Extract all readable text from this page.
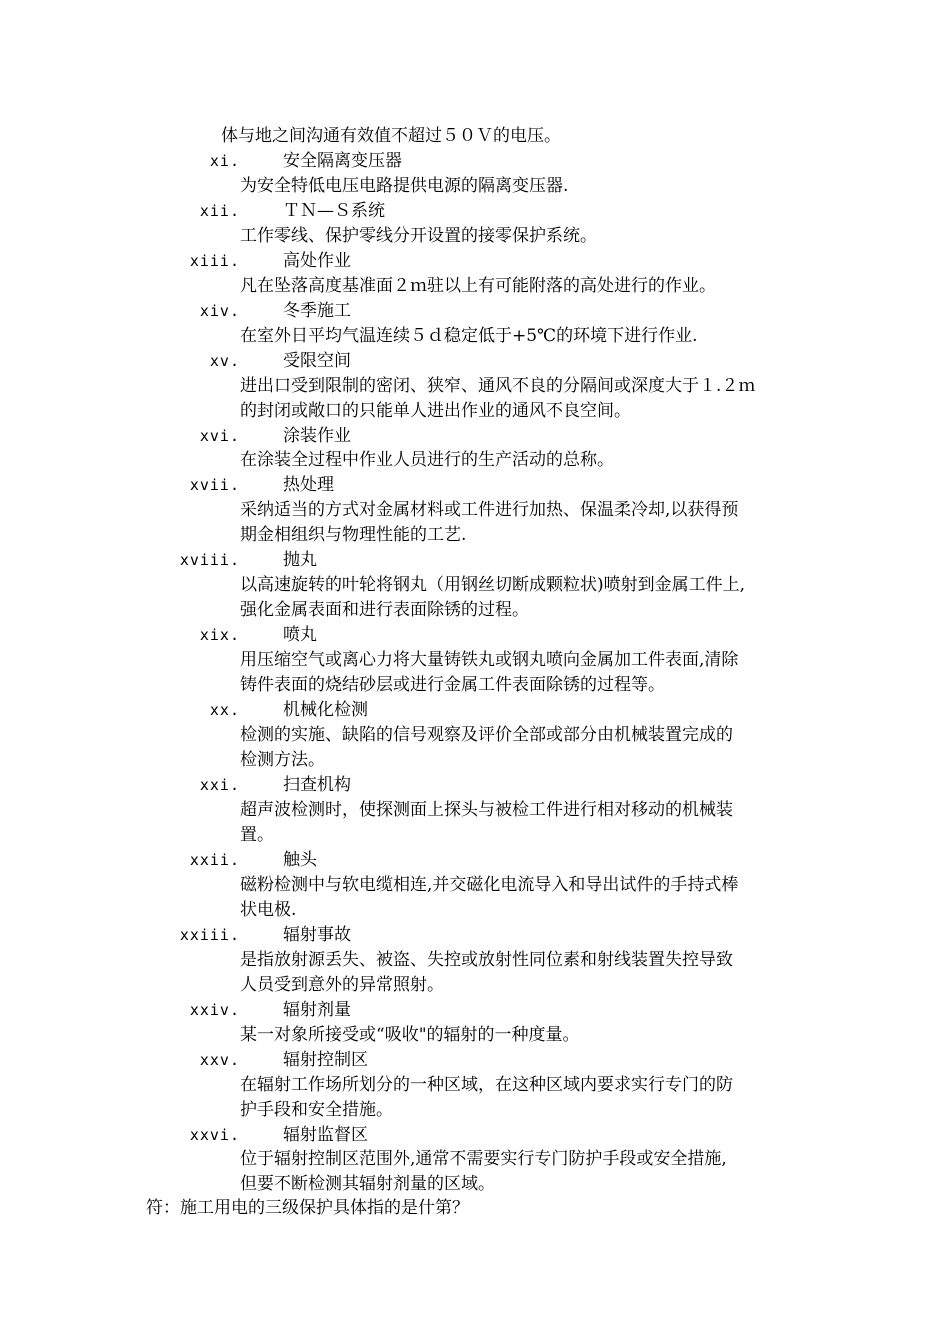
体与地之间沟通有效值不超过５０Ｖ的电压。
xi.	安全隔离变压器
为安全特低电压电路提供电源的隔离变压器.
xii.	ＴＮ—Ｓ系统
工作零线、保护零线分开设置的接零保护系统。
xiii.	高处作业
凡在坠落高度基准面２ｍ驻以上有可能附落的高处进行的作业。
xiv.	冬季施工
在室外日平均气温连续５ｄ稳定低于+5℃的环境下进行作业.
xv.	受限空间
进出口受到限制的密闭、狭窄、通风不良的分隔间或深度大于１.２ｍ
的封闭或敞口的只能单人进出作业的通风不良空间。
xvi.	涂装作业
在涂装全过程中作业人员进行的生产活动的总称。
xvii.	热处理
采纳适当的方式对金属材料或工件进行加热、保温柔冷却,以获得预
期金相组织与物理性能的工艺.
xviii.	抛丸
以高速旋转的叶轮将钢丸（用钢丝切断成颗粒状)喷射到金属工件上,
强化金属表面和进行表面除锈的过程。
xix.	喷丸
用压缩空气或离心力将大量铸铁丸或钢丸喷向金属加工件表面,清除
铸件表面的烧结砂层或进行金属工件表面除锈的过程等。
xx.	机械化检测
检测的实施、缺陷的信号观察及评价全部或部分由机械装置完成的
检测方法。
xxi.	扫查机构
超声波检测时，使探测面上探头与被检工件进行相对移动的机械装
置。
xxii.	触头
磁粉检测中与软电缆相连,并交磁化电流导入和导出试件的手持式棒
状电极.
xxiii.	辐射事故
是指放射源丢失、被盗、失控或放射性同位素和射线装置失控导致
人员受到意外的异常照射。
xxiv.	辐射剂量
某一对象所接受或“吸收"的辐射的一种度量。
xxv.	辐射控制区
在辐射工作场所划分的一种区域，在这种区域内要求实行专门的防
护手段和安全措施。
xxvi.	辐射监督区
位于辐射控制区范围外,通常不需要实行专门防护手段或安全措施,
但要不断检测其辐射剂量的区域。
符：施工用电的三级保护具体指的是什第？
